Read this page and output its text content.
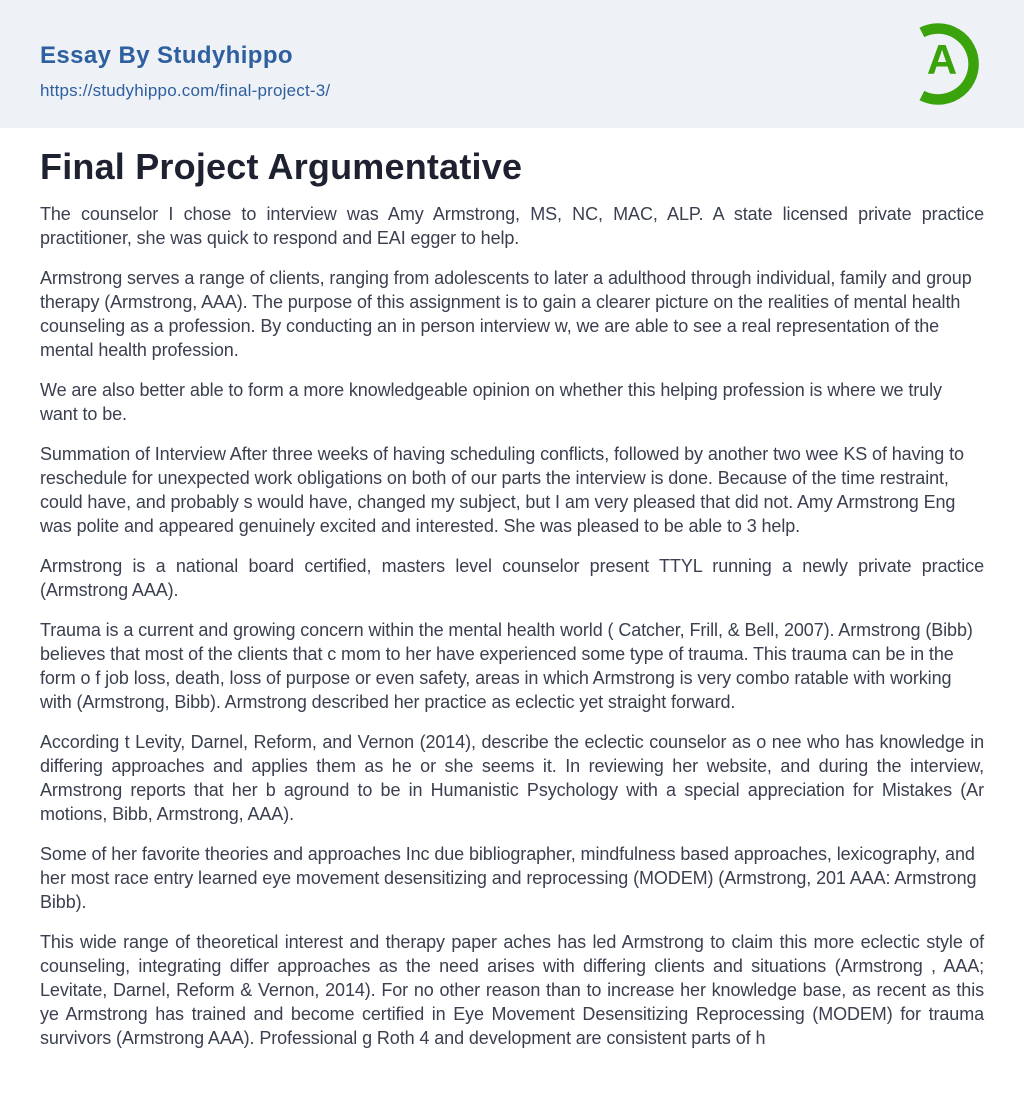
Essay By Studyhippo
https://studyhippo.com/final-project-3/
A
Final Project Argumentative

The counselor I chose to interview was Amy Armstrong, MS, NC, MAC, ALP. A state licensed private practice practitioner, she was quick to respond and EAI egger to help.

Armstrong serves a range of clients, ranging from adolescents to later a adulthood through individual, family and group therapy (Armstrong, AAA). The purpose of this assignment is to gain a clearer picture on the realities of mental health counseling as a profession. By conducting an in person interview w, we are able to see a real representation of the mental health profession.

We are also better able to form a more knowledgeable opinion on whether this helping profession is where we truly want to be.

Summation of Interview After three weeks of having scheduling conflicts, followed by another two wee KS of having to reschedule for unexpected work obligations on both of our parts the interview is done. Because of the time restraint, could have, and probably s would have, changed my subject, but I am very pleased that did not. Amy Armstrong Eng was polite and appeared genuinely excited and interested. She was pleased to be able to 3 help.

Armstrong is a national board certified, masters level counselor present TTYL running a newly private practice (Armstrong AAA).

Trauma is a current and growing concern within the mental health world ( Catcher, Frill, & Bell, 2007). Armstrong (Bibb) believes that most of the clients that c mom to her have experienced some type of trauma. This trauma can be in the form o f job loss, death, loss of purpose or even safety, areas in which Armstrong is very combo ratable with working with (Armstrong, Bibb). Armstrong described her practice as eclectic yet straight forward.

According t Levity, Darnel, Reform, and Vernon (2014), describe the eclectic counselor as o nee who has knowledge in differing approaches and applies them as he or she seems it. In reviewing her website, and during the interview, Armstrong reports that her b aground to be in Humanistic Psychology with a special appreciation for Mistakes (Ar motions, Bibb, Armstrong, AAA).

Some of her favorite theories and approaches Inc due bibliographer, mindfulness based approaches, lexicography, and her most race entry learned eye movement desensitizing and reprocessing (MODEM) (Armstrong, 201 AAA: Armstrong Bibb).

This wide range of theoretical interest and therapy paper aches has led Armstrong to claim this more eclectic style of counseling, integrating differ approaches as the need arises with differing clients and situations (Armstrong , AAA; Levitate, Darnel, Reform & Vernon, 2014). For no other reason than to increase her knowledge base, as recent as this ye Armstrong has trained and become certified in Eye Movement Desensitizing Reprocessing (MODEM) for trauma survivors (Armstrong AAA). Professional g Roth 4 and development are consistent parts of h
